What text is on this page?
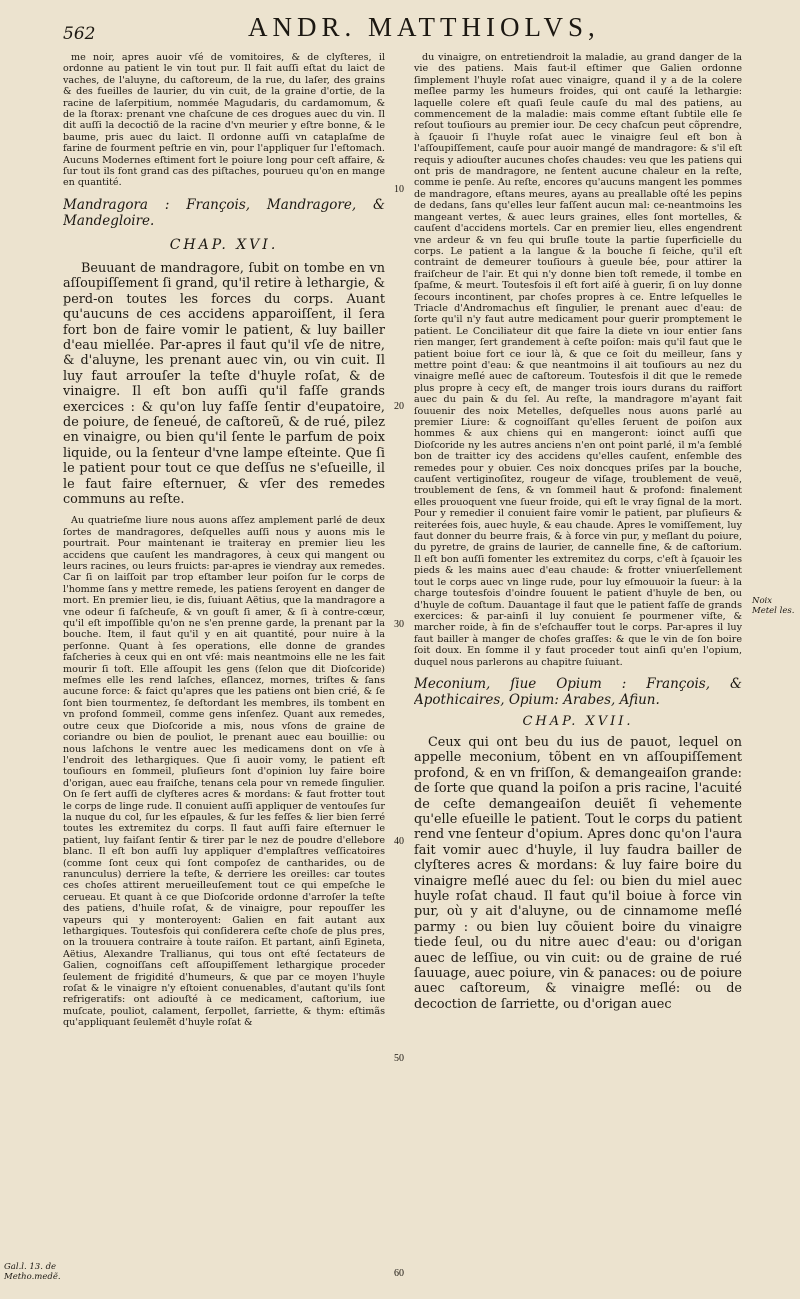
562	ANDR. MATTHIOLVS,

me noir, apres auoir vſé de vomitoires, & de clyſteres, il ordonne au patient le vin tout pur. Il fait auſſi eſtat du laict de vaches, de l'aluyne, du caſtoreum, de la rue, du laſer, des grains & des fueilles de laurier, du vin cuit, de la graine d'ortie, de la racine de laſerpitium, nommée Magudaris, du cardamomum, & de la ſtorax: prenant vne chaſcune de ces drogues auec du vin. Il dit auſſi la decoctiõ de la racine d'vn meurier y eſtre bonne, & le baume, pris auec du laict. Il ordonne auſſi vn cataplaſme de farine de fourment peſtrie en vin, pour l'appliquer ſur l'eſtomach. Aucuns Modernes eſtiment fort le poiure long pour ceſt affaire, & ſur tout ils font grand cas des piſtaches, pourueu qu'on en mange en quantité.

Mandragora : François, Mandragore, & Mandegloire.
CHAP. XVI.

Beuuant de mandragore, ſubit on tombe en vn aſſoupiſſement ſi grand, qu'il retire à lethargie, & perd-on toutes les forces du corps. Auant qu'aucuns de ces accidens apparoiſſent, il ſera fort bon de faire vomir le patient, & luy bailler d'eau miellée. Par-apres il faut qu'il vſe de nitre, & d'aluyne, les prenant auec vin, ou vin cuit. Il luy faut arrouſer la teſte d'huyle roſat, & de vinaigre. Il eſt bon auſſi qu'il faſſe grands exercices : & qu'on luy faſſe ſentir d'eupatoire, de poiure, de ſeneué, de caſtoreũ, & de rué, pilez en vinaigre, ou bien qu'il ſente le parfum de poix liquide, ou la ſenteur d'vne lampe eſteinte. Que ſi le patient pour tout ce que deſſus ne s'eſueille, il le faut faire eſternuer, & vſer des remedes communs au reſte.

Au quatrieſme liure nous auons aſſez amplement parlé de deux ſortes de mandragores, deſquelles auſſi nous y auons mis le pourtrait. Pour maintenant ie traiteray en premier lieu les accidens que cauſent les mandragores, à ceux qui mangent ou leurs racines, ou leurs fruicts: par-apres ie viendray aux remedes. Car ſi on laiſſoit par trop eſtamber leur poiſon ſur le corps de l'homme ſans y mettre remede, les patiens ſeroyent en danger de mort. En premier lieu, ie dis, ſuiuant Aëtius, que la mandragore a vne odeur ſi faſcheuſe, & vn gouſt ſi amer, & ſi à contre-cœur, qu'il eſt impoſſible qu'on ne s'en prenne garde, la prenant par la bouche. Item, il faut qu'il y en ait quantité, pour nuire à la perſonne. Quant à ſes operations, elle donne de grandes faſcheries à ceux qui en ont vſé: mais neantmoins elle ne les fait mourir ſi toſt. Elle aſſoupit les gens (ſelon que dit Dioſcoride) meſmes elle les rend laſches, eſlancez, mornes, triſtes & ſans aucune force: & faict qu'apres que les patiens ont bien crié, & ſe ſont bien tourmentez, ſe deſtordant les membres, ils tombent en vn profond ſommeil, comme gens inſenſez. Quant aux remedes, outre ceux que Dioſcoride a mis, nous vſons de graine de coriandre ou bien de pouliot, le prenant auec eau bouillie: ou nous laſchons le ventre auec les medicamens dont on vſe à l'endroit des lethargiques. Que ſi auoir vomy, le patient eſt touſiours en ſommeil, pluſieurs ſont d'opinion luy faire boire d'origan, auec eau fraiſche, tenans cela pour vn remede ſingulier. On ſe ſert auſſi de clyſteres acres & mordans: & faut frotter tout le corps de linge rude. Il conuient auſſi appliquer de ventouſes ſur la nuque du col, ſur les eſpaules, & ſur les feſſes & lier bien ſerré toutes les extremitez du corps. Il faut auſſi faire eſternuer le patient, luy faiſant ſentir & tirer par le nez de poudre d'ellebore blanc. Il eſt bon auſſi luy appliquer d'emplaſtres veſſicatoires (comme ſont ceux qui ſont compoſez de cantharides, ou de ranunculus) derriere la teſte, & derriere les oreilles: car toutes ces choſes attirent merueilleuſement tout ce qui empeſche le cerueau. Et quant à ce que Dioſcoride ordonne d'arroſer la teſte des patiens, d'huile roſat, & de vinaigre, pour repouſſer les vapeurs qui y monteroyent: Galien en fait autant aux lethargiques. Toutesfois qui conſiderera ceſte choſe de plus pres, on la trouuera contraire à toute raiſon. Et partant, ainſi Egineta, Aëtius, Alexandre Trallianus, qui tous ont eſté ſectateurs de Galien, cognoiſſans ceſt aſſoupiſſement lethargique proceder ſeulement de frigidité d'humeurs, & que par ce moyen l'huyle roſat & le vinaigre n'y eſtoient conuenables, d'autant qu'ils ſont refrigeratifs: ont adiouſté à ce medicament, caſtorium, iue muſcate, pouliot, calament, ſerpollet, ſarriette, & thym: eſtimãs qu'appliquant ſeulemẽt d'huyle roſat &

du vinaigre, on entretiendroit la maladie, au grand danger de la vie des patiens. Mais faut-il eſtimer que Galien ordonne ſimplement l'huyle roſat auec vinaigre, quand il y a de la colere meſlee parmy les humeurs froides, qui ont cauſé la lethargie: laquelle colere eſt quaſi ſeule cauſe du mal des patiens, au commencement de la maladie: mais comme eſtant ſubtile elle ſe reſout touſiours au premier iour. De cecy chaſcun peut cõprendre, à ſçauoir ſi l'huyle roſat auec le vinaigre ſeul eſt bon à l'aſſoupiſſement, cauſe pour auoir mangé de mandragore: & s'il eſt requis y adiouſter aucunes choſes chaudes: veu que les patiens qui ont pris de mandragore, ne ſentent aucune chaleur en la reſte, comme ie penſe. Au reſte, encores qu'aucuns mangent les pommes de mandragore, eſtans meures, ayans au preallable oſté les pepins de dedans, ſans qu'elles leur faſſent aucun mal: ce-neantmoins les mangeant vertes, & auec leurs graines, elles ſont mortelles, & cauſent d'accidens mortels. Car en premier lieu, elles engendrent vne ardeur & vn feu qui bruſle toute la partie ſuperficielle du corps. Le patient a la langue & la bouche ſi ſeiche, qu'il eſt contraint de demeurer touſiours à gueule bée, pour attirer la fraiſcheur de l'air. Et qui n'y donne bien toſt remede, il tombe en ſpaſme, & meurt. Toutesfois il eſt fort aiſé à guerir, ſi on luy donne ſecours incontinent, par choſes propres à ce. Entre leſquelles le Triacle d'Andromachus eſt ſingulier, le prenant auec d'eau: de ſorte qu'il n'y faut autre medicament pour guerir promptement le patient. Le Conciliateur dit que faire la diete vn iour entier ſans rien manger, ſert grandement à ceſte poiſon: mais qu'il faut que le patient boiue fort ce iour là, & que ce ſoit du meilleur, ſans y mettre point d'eau: & que neantmoins il ait touſiours au nez du vinaigre meſlé auec de caſtoreum. Toutesfois il dit que le remede plus propre à cecy eſt, de manger trois iours durans du raiffort auec du pain & du ſel. Au reſte, la mandragore m'ayant fait ſouuenir des noix Metelles, deſquelles nous auons parlé au premier Liure: & cognoiſſant qu'elles ſeruent de poiſon aux hommes & aux chiens qui en mangeront: ioinct auſſi que Dioſcoride ny les autres anciens n'en ont point parlé, il m'a ſemblé bon de traitter icy des accidens qu'elles cauſent, enſemble des remedes pour y obuier. Ces noix doncques priſes par la bouche, cauſent vertiginoſitez, rougeur de viſage, troublement de veuë, troublement de ſens, & vn ſommeil haut & profond: finalement elles prouoquent vne ſueur froide, qui eſt le vray ſignal de la mort. Pour y remedier il conuient faire vomir le patient, par pluſieurs & reiterées fois, auec huyle, & eau chaude. Apres le vomiſſement, luy faut donner du beurre frais, & à force vin pur, y meſlant du poiure, du pyretre, de grains de laurier, de cannelle fine, & de caſtorium. Il eſt bon auſſi fomenter les extremitez du corps, c'eſt à ſçauoir les pieds & les mains auec d'eau chaude: & frotter vniuerſellement tout le corps auec vn linge rude, pour luy eſmouuoir la ſueur: à la charge toutesfois d'oindre ſouuent le patient d'huyle de ben, ou d'huyle de coſtum. Dauantage il faut que le patient faſſe de grands exercices: & par-ainſi il luy conuient ſe pourmener viſte, & marcher roide, à fin de s'eſchauffer tout le corps. Par-apres il luy faut bailler à manger de choſes graſſes: & que le vin de ſon boire ſoit doux. En ſomme il y faut proceder tout ainſi qu'en l'opium, duquel nous parlerons au chapitre ſuiuant.

Meconium, ſiue Opium : François, & Apothicaires, Opium: Arabes, Afiun.
CHAP. XVII.

Ceux qui ont beu du ius de pauot, lequel on appelle meconium, tõbent en vn aſſoupiſſement profond, & en vn friſſon, & demangeaiſon grande: de ſorte que quand la poiſon a pris racine, l'acuité de ceſte demangeaiſon deuiẽt ſi vehemente qu'elle eſueille le patient. Tout le corps du patient rend vne ſenteur d'opium. Apres donc qu'on l'aura fait vomir auec d'huyle, il luy faudra bailler de clyſteres acres & mordans: & luy faire boire du vinaigre meſlé auec du ſel: ou bien du miel auec huyle roſat chaud. Il faut qu'il boiue à force vin pur, où y ait d'aluyne, ou de cinnamome meſlé parmy : ou bien luy cõuient boire du vinaigre tiede ſeul, ou du nitre auec d'eau: ou d'origan auec de leſſiue, ou vin cuit: ou de graine de rué ſauuage, auec poiure, vin & panaces: ou de poiure auec caſtoreum, & vinaigre meſlé: ou de decoction de ſarriette, ou d'origan auec

10
20
30
40
50
60
Gal.l. 13. de Metho.medẽ.
Noix Metel les.
